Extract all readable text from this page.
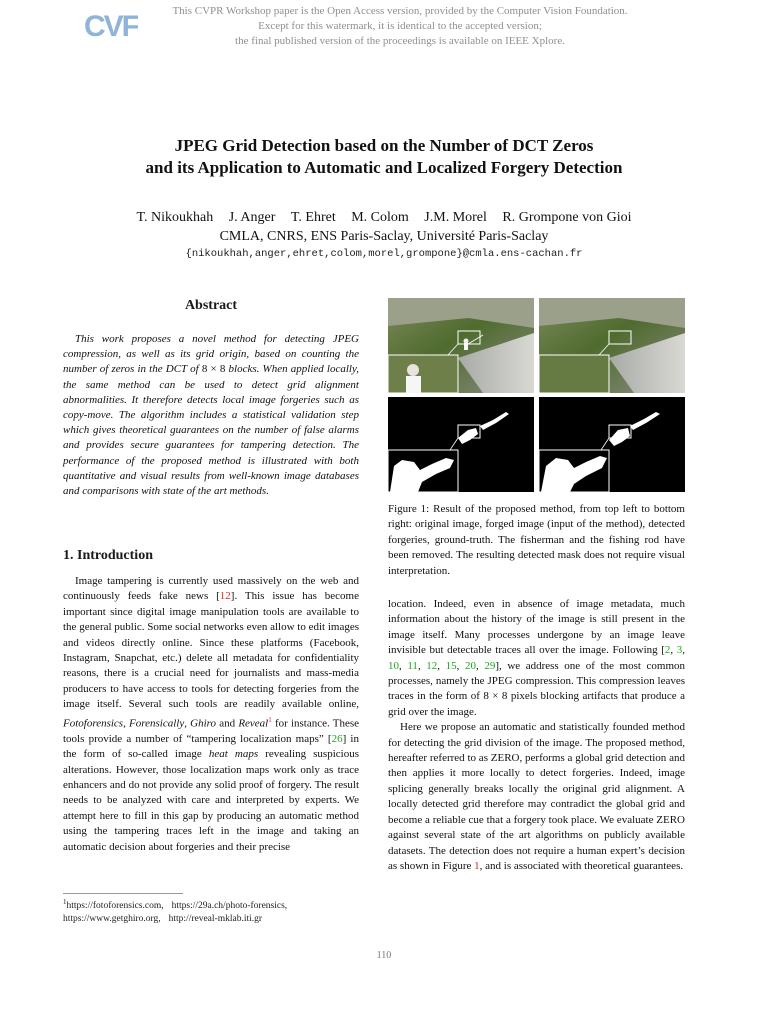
CVF	This CVPR Workshop paper is the Open Access version, provided by the Computer Vision Foundation.
Except for this watermark, it is identical to the accepted version;
the final published version of the proceedings is available on IEEE Xplore.
JPEG Grid Detection based on the Number of DCT Zeros
and its Application to Automatic and Localized Forgery Detection
T. Nikoukhah J. Anger T. Ehret M. Colom J.M. Morel R. Grompone von Gioi
CMLA, CNRS, ENS Paris-Saclay, Université Paris-Saclay
{nikoukhah,anger,ehret,colom,morel,grompone}@cmla.ens-cachan.fr
Abstract
This work proposes a novel method for detecting JPEG compression, as well as its grid origin, based on counting the number of zeros in the DCT of 8 × 8 blocks. When applied locally, the same method can be used to detect grid alignment abnormalities. It therefore detects local image forgeries such as copy-move. The algorithm includes a statistical validation step which gives theoretical guarantees on the number of false alarms and provides secure guarantees for tampering detection. The performance of the proposed method is illustrated with both quantitative and visual results from well-known image databases and comparisons with state of the art methods.
1. Introduction

Image tampering is currently used massively on the web and continuously feeds fake news [12]. This issue has become important since digital image manipulation tools are available to the general public. Some social networks even allow to edit images and videos directly online. Since these platforms (Facebook, Instagram, Snapchat, etc.) delete all metadata for confidentiality reasons, there is a crucial need for journalists and mass-media producers to have access to tools for detecting forgeries from the image itself. Several such tools are readily available online, Fotoforensics, Forensically, Ghiro and Reveal$^1$ for instance. These tools provide a number of “tampering localization maps” [26] in the form of so-called image heat maps revealing suspicious alterations. However, those localization maps work only as trace enhancers and do not provide any solid proof of forgery. The result needs to be analyzed with care and interpreted by experts. We attempt here to fill in this gap by producing an automatic method using the tampering traces left in the image and taking an automatic decision about forgeries and their precise

$^1$https://fotoforensics.com, https://29a.ch/photo-forensics,
https://www.getghiro.org, http://reveal-mklab.iti.gr
Figure 1: Result of the proposed method, from top left to bottom right: original image, forged image (input of the method), detected forgeries, ground-truth. The fisherman and the fishing rod have been removed. The resulting detected mask does not require visual interpretation.

location. Indeed, even in absence of image metadata, much information about the history of the image is still present in the image itself. Many processes undergone by an image leave invisible but detectable traces all over the image. Following [2, 3, 10, 11, 12, 15, 20, 29], we address one of the most common processes, namely the JPEG compression. This compression leaves traces in the form of 8 × 8 pixels blocking artifacts that produce a grid over the image.

Here we propose an automatic and statistically founded method for detecting the grid division of the image. The proposed method, hereafter referred to as ZERO, performs a global grid detection and then applies it more locally to detect forgeries. Indeed, image splicing generally breaks locally the original grid alignment. A locally detected grid therefore may contradict the global grid and become a reliable cue that a forgery took place. We evaluate ZERO against several state of the art algorithms on publicly available datasets. The detection does not require a human expert’s decision as shown in Figure 1, and is associated with theoretical guarantees.

110
